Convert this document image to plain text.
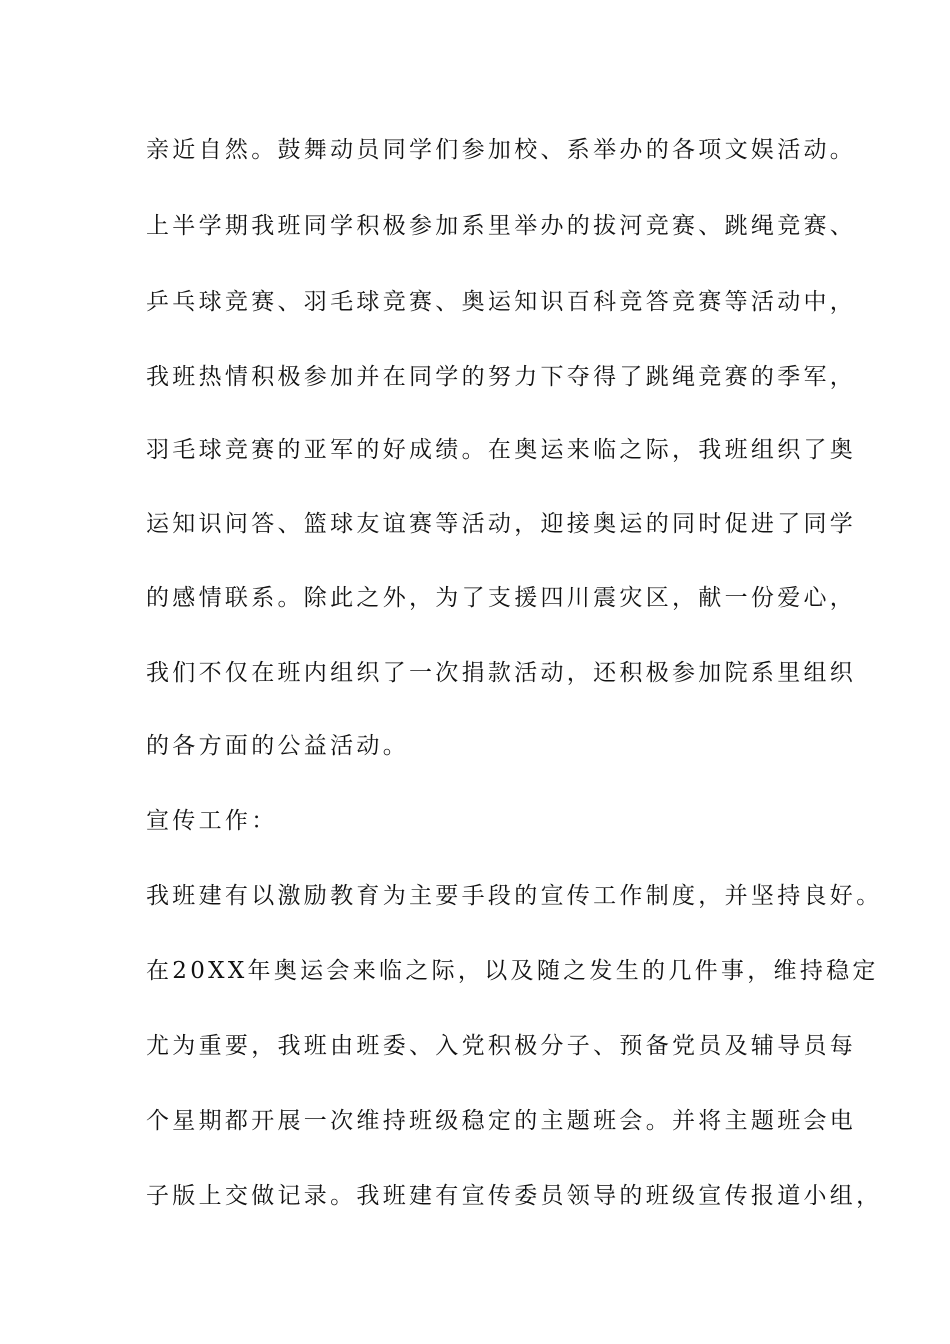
亲近自然。鼓舞动员同学们参加校、系举办的各项文娱活动。
上半学期我班同学积极参加系里举办的拔河竞赛、跳绳竞赛、
乒乓球竞赛、羽毛球竞赛、奥运知识百科竞答竞赛等活动中，
我班热情积极参加并在同学的努力下夺得了跳绳竞赛的季军，
羽毛球竞赛的亚军的好成绩。在奥运来临之际，我班组织了奥
运知识问答、篮球友谊赛等活动，迎接奥运的同时促进了同学
的感情联系。除此之外，为了支援四川震灾区，献一份爱心，
我们不仅在班内组织了一次捐款活动，还积极参加院系里组织
的各方面的公益活动。
宣传工作：
我班建有以激励教育为主要手段的宣传工作制度，并坚持良好。
在20XX年奥运会来临之际，以及随之发生的几件事，维持稳定
尤为重要，我班由班委、入党积极分子、预备党员及辅导员每
个星期都开展一次维持班级稳定的主题班会。并将主题班会电
子版上交做记录。我班建有宣传委员领导的班级宣传报道小组，
